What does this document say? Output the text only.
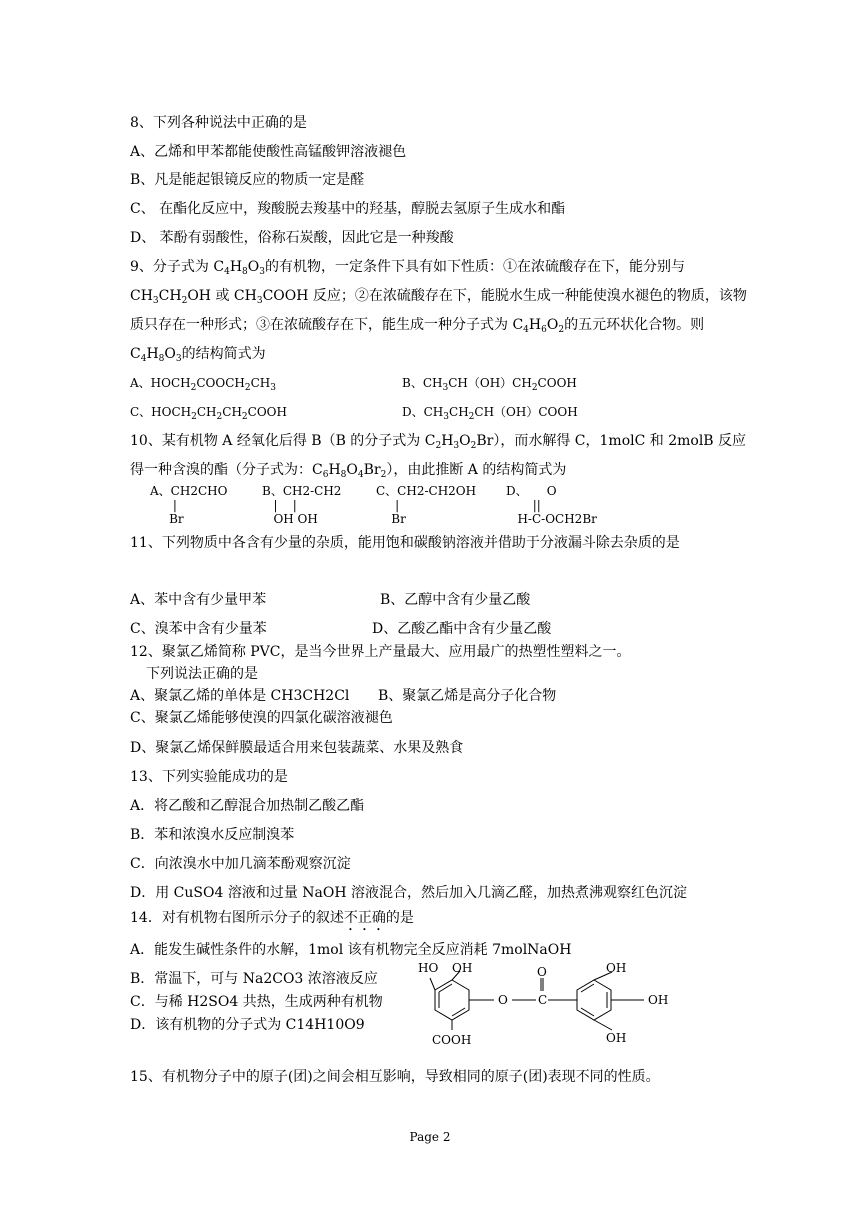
8、下列各种说法中正确的是
A、乙烯和甲苯都能使酸性高锰酸钾溶液褪色
B、凡是能起银镜反应的物质一定是醛
C、 在酯化反应中，羧酸脱去羧基中的羟基，醇脱去氢原子生成水和酯
D、 苯酚有弱酸性，俗称石炭酸，因此它是一种羧酸
9、分子式为 $C_4H_8O_3$的有机物，一定条件下具有如下性质：①在浓硫酸存在下，能分别与
$CH_3CH_2OH$ 或 $CH_3COOH$ 反应；②在浓硫酸存在下，能脱水生成一种能使溴水褪色的物质，该物
质只存在一种形式；③在浓硫酸存在下，能生成一种分子式为 $C_4H_6O_2$的五元环状化合物。则
$C_4H_8O_3$的结构简式为
A、$HOCH_2COOCH_2CH_3$	B、$CH_3CH(OH)CH_2COOH$
C、$HOCH_2CH_2CH_2COOH$	D、$CH_3CH_2CH(OH)COOH$
10、某有机物 A 经氧化后得 B（B 的分子式为 $C_2H_3O_2Br$），而水解得 C，1molC 和 2molB 反应
得一种含溴的酯（分子式为：$C_6H_8O_4Br_2$），由此推断 A 的结构简式为
A、CH2CHO
|
Br
B、CH2-CH2
|    |
OH OH
C、CH2-CH2OH
|
Br
D、     O
||
H-C-OCH2Br
11、下列物质中各含有少量的杂质，能用饱和碳酸钠溶液并借助于分液漏斗除去杂质的是
A、苯中含有少量甲苯	B、乙醇中含有少量乙酸
C、溴苯中含有少量苯	D、乙酸乙酯中含有少量乙酸
12、聚氯乙烯简称 PVC，是当今世界上产量最大、应用最广的热塑性塑料之一。
下列说法正确的是
A、聚氯乙烯的单体是 CH3CH2Cl B、聚氯乙烯是高分子化合物
C、聚氯乙烯能够使溴的四氯化碳溶液褪色
D、聚氯乙烯保鲜膜最适合用来包装蔬菜、水果及熟食
13、下列实验能成功的是
A．将乙酸和乙醇混合加热制乙酸乙酯
B．苯和浓溴水反应制溴苯
C．向浓溴水中加几滴苯酚观察沉淀
D．用 CuSO4 溶液和过量 NaOH 溶液混合，然后加入几滴乙醛，加热煮沸观察红色沉淀
14．对有机物右图所示分子的叙述不正确的是
A．能发生碱性条件的水解，1mol 该有机物完全反应消耗 7molNaOH
B．常温下，可与 Na2CO3 浓溶液反应
C．与稀 H2SO4 共热，生成两种有机物
D．该有机物的分子式为 C14H10O9
HO OH
COOH
O
O	C
OH
OH
OH
15、有机物分子中的原子(团)之间会相互影响，导致相同的原子(团)表现不同的性质。
Page 2
